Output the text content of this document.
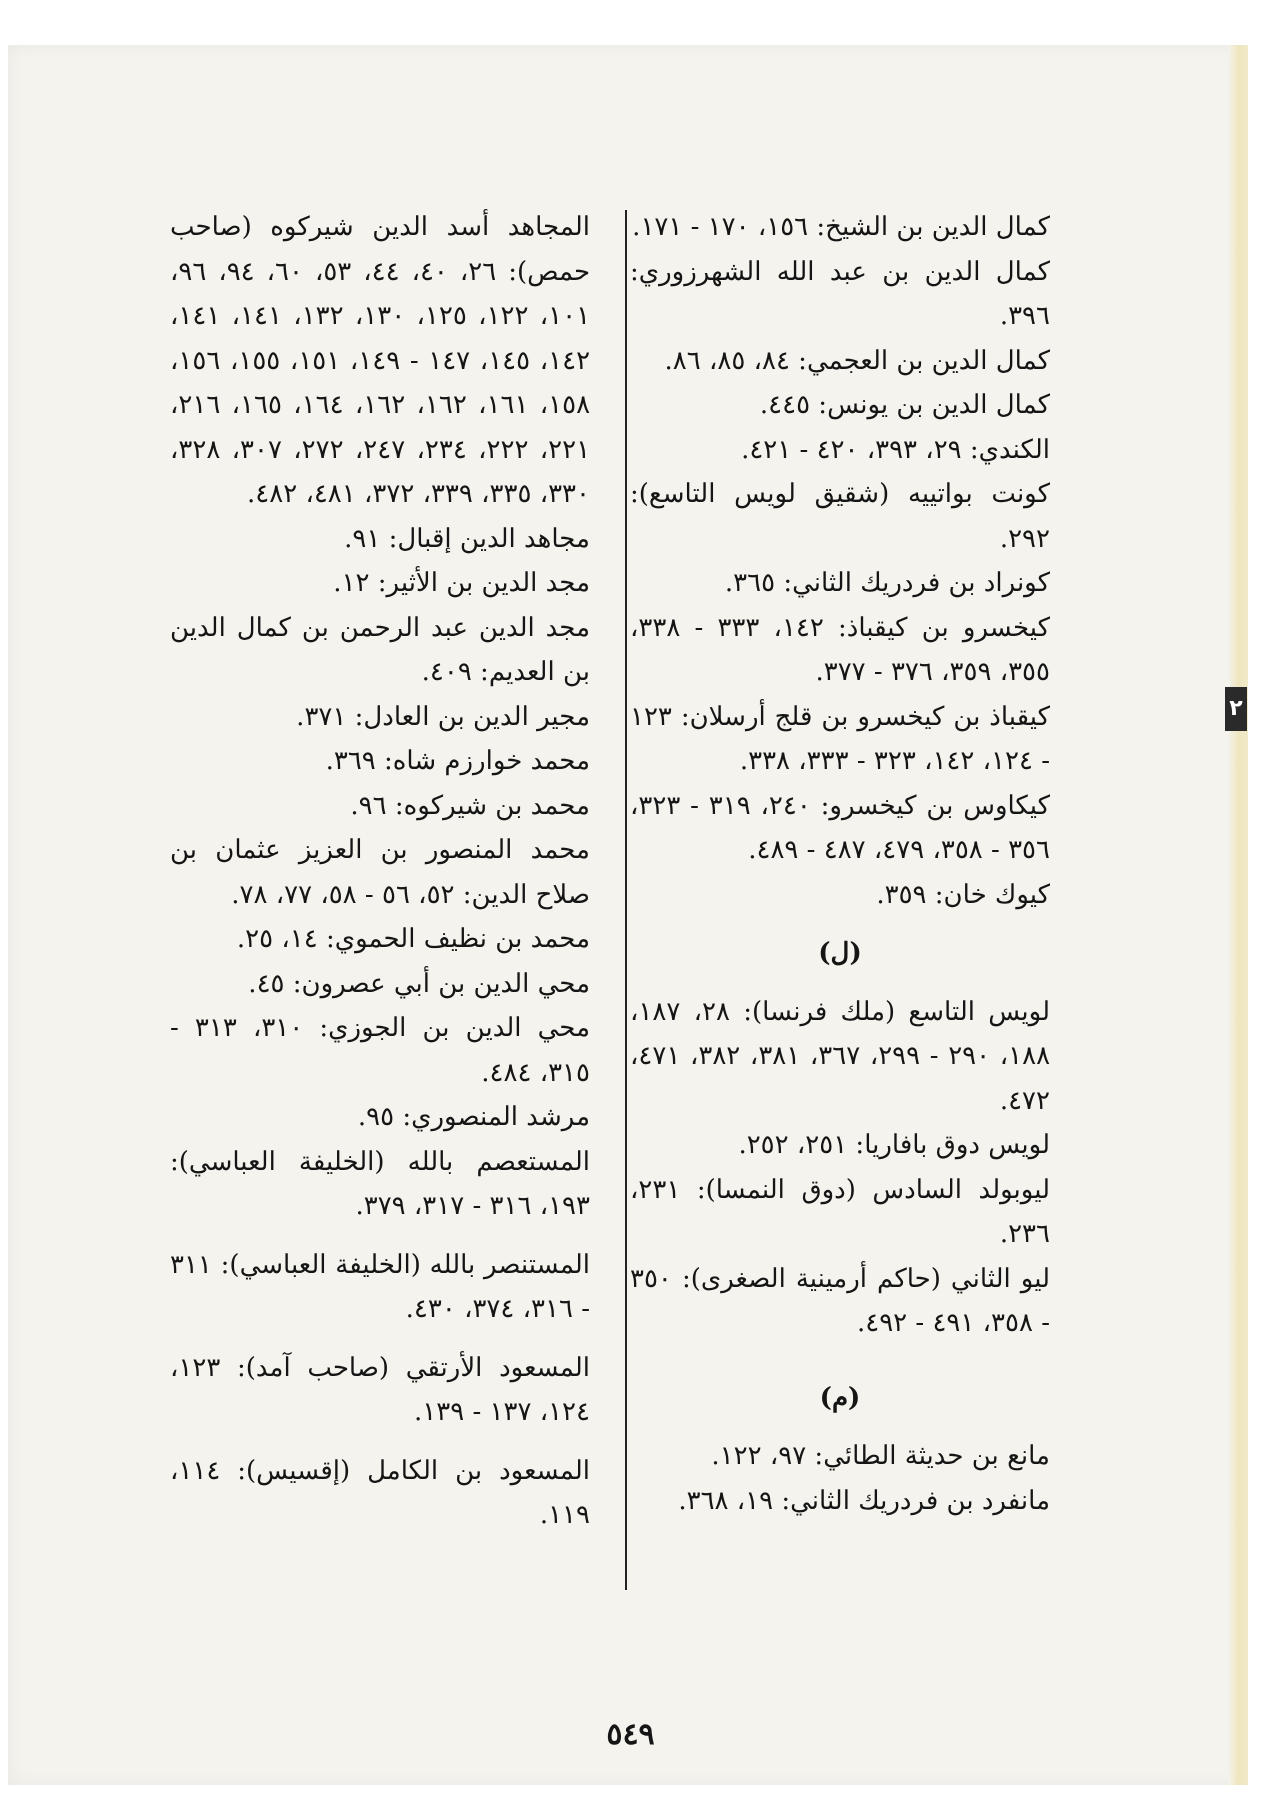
٢

كمال الدين بن الشيخ: ١٥٦، ١٧٠ - ١٧١.

كمال الدين بن عبد الله الشهرزوري: ٣٩٦.

كمال الدين بن العجمي: ٨٤، ٨٥، ٨٦.

كمال الدين بن يونس: ٤٤٥.

الكندي: ٢٩، ٣٩٣، ٤٢٠ - ٤٢١.

كونت بواتييه (شقيق لويس التاسع): ٢٩٢.

كونراد بن فردريك الثاني: ٣٦٥.

كيخسرو بن كيقباذ: ١٤٢، ٣٣٣ - ٣٣٨، ٣٥٥، ٣٥٩، ٣٧٦ - ٣٧٧.

كيقباذ بن كيخسرو بن قلج أرسلان: ١٢٣ - ١٢٤، ١٤٢، ٣٢٣ - ٣٣٣، ٣٣٨.

كيكاوس بن كيخسرو: ٢٤٠، ٣١٩ - ٣٢٣، ٣٥٦ - ٣٥٨، ٤٧٩، ٤٨٧ - ٤٨٩.

كيوك خان: ٣٥٩.

(ل)

لويس التاسع (ملك فرنسا): ٢٨، ١٨٧، ١٨٨، ٢٩٠ - ٢٩٩، ٣٦٧، ٣٨١، ٣٨٢، ٤٧١، ٤٧٢.

لويس دوق بافاريا: ٢٥١، ٢٥٢.

ليوبولد السادس (دوق النمسا): ٢٣١، ٢٣٦.

ليو الثاني (حاكم أرمينية الصغرى): ٣٥٠ - ٣٥٨، ٤٩١ - ٤٩٢.

(م)

مانع بن حديثة الطائي: ٩٧، ١٢٢.

مانفرد بن فردريك الثاني: ١٩، ٣٦٨.

المجاهد أسد الدين شيركوه (صاحب حمص): ٢٦، ٤٠، ٤٤، ٥٣، ٦٠، ٩٤، ٩٦، ١٠١، ١٢٢، ١٢٥، ١٣٠، ١٣٢، ١٤١، ١٤١، ١٤٢، ١٤٥، ١٤٧ - ١٤٩، ١٥١، ١٥٥، ١٥٦، ١٥٨، ١٦١، ١٦٢، ١٦٢، ١٦٤، ١٦٥، ٢١٦، ٢٢١، ٢٢٢، ٢٣٤، ٢٤٧، ٢٧٢، ٣٠٧، ٣٢٨، ٣٣٠، ٣٣٥، ٣٣٩، ٣٧٢، ٤٨١، ٤٨٢.

مجاهد الدين إقبال: ٩١.

مجد الدين بن الأثير: ١٢.

مجد الدين عبد الرحمن بن كمال الدين بن العديم: ٤٠٩.

مجير الدين بن العادل: ٣٧١.

محمد خوارزم شاه: ٣٦٩.

محمد بن شيركوه: ٩٦.

محمد المنصور بن العزيز عثمان بن صلاح الدين: ٥٢، ٥٦ - ٥٨، ٧٧، ٧٨.

محمد بن نظيف الحموي: ١٤، ٢٥.

محي الدين بن أبي عصرون: ٤٥.

محي الدين بن الجوزي: ٣١٠، ٣١٣ - ٣١٥، ٤٨٤.

مرشد المنصوري: ٩٥.

المستعصم بالله (الخليفة العباسي): ١٩٣، ٣١٦ - ٣١٧، ٣٧٩.

المستنصر بالله (الخليفة العباسي): ٣١١ - ٣١٦، ٣٧٤، ٤٣٠.

المسعود الأرتقي (صاحب آمد): ١٢٣، ١٢٤، ١٣٧ - ١٣٩.

المسعود بن الكامل (إقسيس): ١١٤، ١١٩.

٥٤٩
